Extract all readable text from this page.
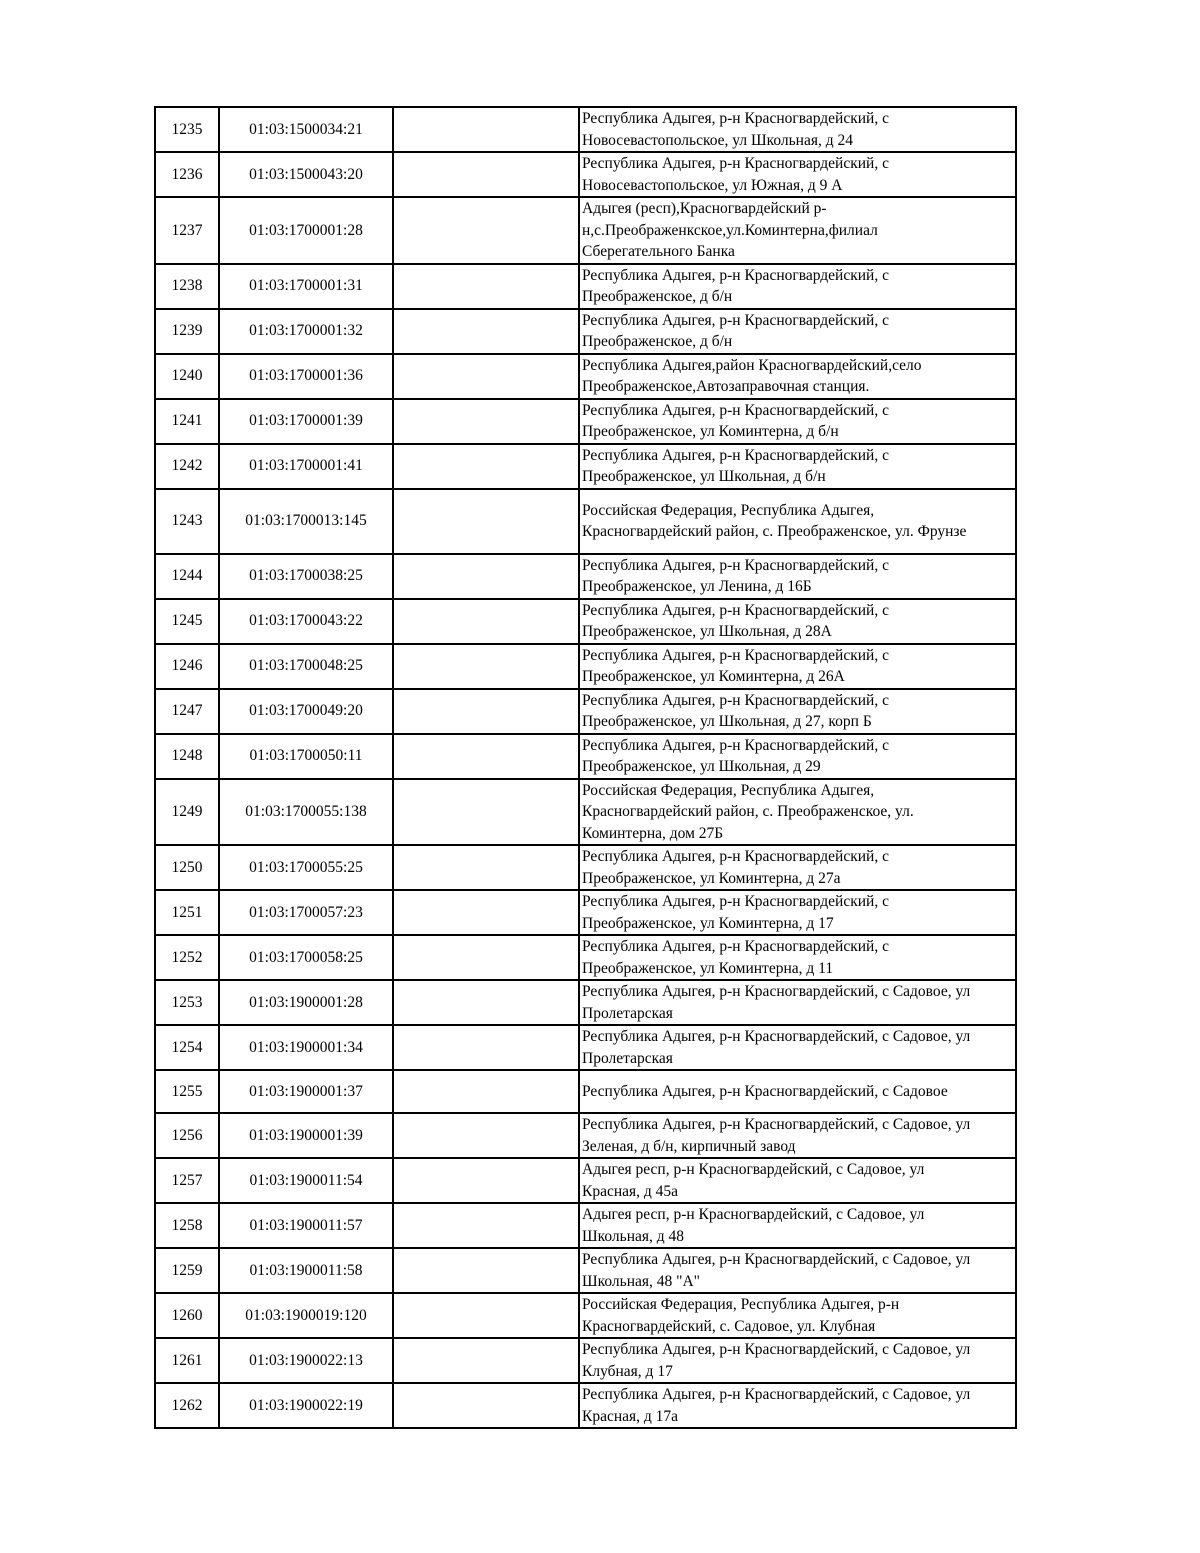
1235	01:03:1500034:21		Республика Адыгея, р-н Красногвардейский, с
Новосевастопольское, ул Школьная, д 24
1236	01:03:1500043:20		Республика Адыгея, р-н Красногвардейский, с
Новосевастопольское, ул Южная, д 9 А
1237	01:03:1700001:28		Адыгея (респ),Красногвардейский р-
н,с.Преображенкское,ул.Коминтерна,филиал
Сберегательного Банка
1238	01:03:1700001:31		Республика Адыгея, р-н Красногвардейский, с
Преображенское, д б/н
1239	01:03:1700001:32		Республика Адыгея, р-н Красногвардейский, с
Преображенское, д б/н
1240	01:03:1700001:36		Республика Адыгея,район Красногвардейский,село
Преображенское,Автозаправочная станция.
1241	01:03:1700001:39		Республика Адыгея, р-н Красногвардейский, с
Преображенское, ул Коминтерна, д б/н
1242	01:03:1700001:41		Республика Адыгея, р-н Красногвардейский, с
Преображенское, ул Школьная, д б/н
1243	01:03:1700013:145		Российская Федерация, Республика Адыгея,
Красногвардейский район, с. Преображенское, ул. Фрунзе
1244	01:03:1700038:25		Республика Адыгея, р-н Красногвардейский, с
Преображенское, ул Ленина, д 16Б
1245	01:03:1700043:22		Республика Адыгея, р-н Красногвардейский, с
Преображенское, ул Школьная, д 28А
1246	01:03:1700048:25		Республика Адыгея, р-н Красногвардейский, с
Преображенское, ул Коминтерна, д 26А
1247	01:03:1700049:20		Республика Адыгея, р-н Красногвардейский, с
Преображенское, ул Школьная, д 27, корп Б
1248	01:03:1700050:11		Республика Адыгея, р-н Красногвардейский, с
Преображенское, ул Школьная, д 29
1249	01:03:1700055:138		Российская Федерация, Республика Адыгея,
Красногвардейский район, с. Преображенское, ул.
Коминтерна, дом 27Б
1250	01:03:1700055:25		Республика Адыгея, р-н Красногвардейский, с
Преображенское, ул Коминтерна, д 27а
1251	01:03:1700057:23		Республика Адыгея, р-н Красногвардейский, с
Преображенское, ул Коминтерна, д 17
1252	01:03:1700058:25		Республика Адыгея, р-н Красногвардейский, с
Преображенское, ул Коминтерна, д 11
1253	01:03:1900001:28		Республика Адыгея, р-н Красногвардейский, с Садовое, ул
Пролетарская
1254	01:03:1900001:34		Республика Адыгея, р-н Красногвардейский, с Садовое, ул
Пролетарская
1255	01:03:1900001:37		Республика Адыгея, р-н Красногвардейский, с Садовое
1256	01:03:1900001:39		Республика Адыгея, р-н Красногвардейский, с Садовое, ул
Зеленая, д б/н, кирпичный завод
1257	01:03:1900011:54		Адыгея респ, р-н Красногвардейский, с Садовое, ул
Красная, д 45а
1258	01:03:1900011:57		Адыгея респ, р-н Красногвардейский, с Садовое, ул
Школьная, д 48
1259	01:03:1900011:58		Республика Адыгея, р-н Красногвардейский, с Садовое, ул
Школьная, 48 "А"
1260	01:03:1900019:120		Российская Федерация, Республика Адыгея, р-н
Красногвардейский, с. Садовое, ул. Клубная
1261	01:03:1900022:13		Республика Адыгея, р-н Красногвардейский, с Садовое, ул
Клубная, д 17
1262	01:03:1900022:19		Республика Адыгея, р-н Красногвардейский, с Садовое, ул
Красная, д 17а
